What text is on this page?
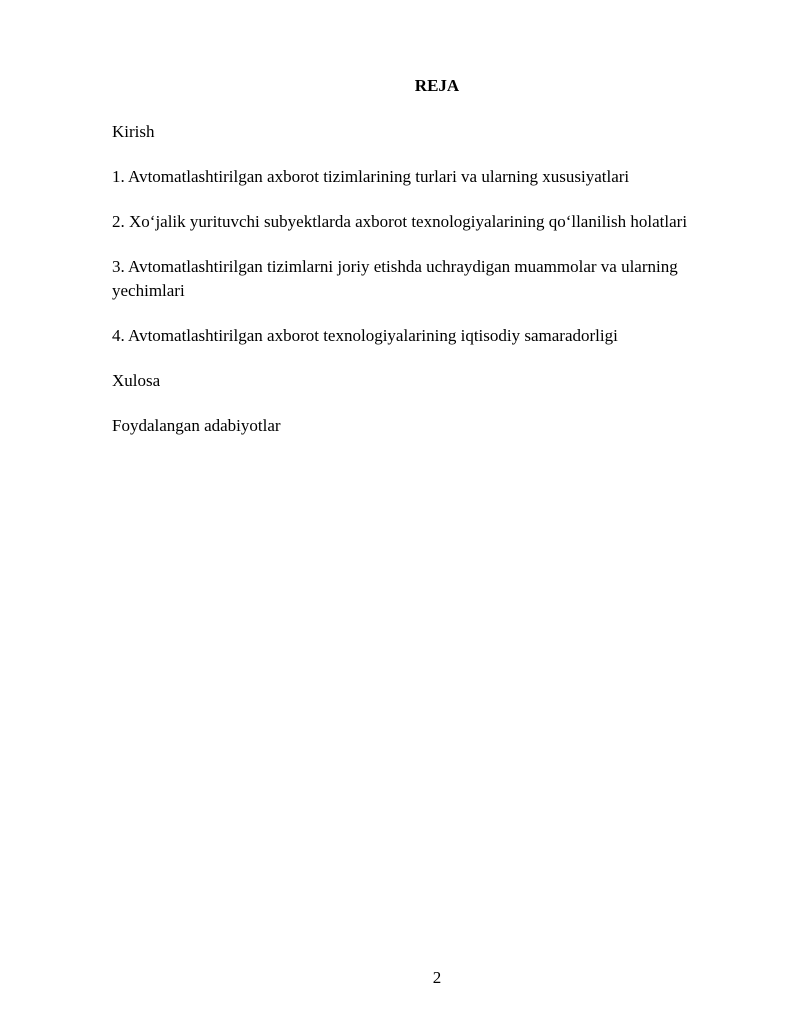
REJA
Kirish
1. Avtomatlashtirilgan axborot tizimlarining turlari va ularning xususiyatlari
2. Xo‘jalik yurituvchi subyektlarda axborot texnologiyalarining qo‘llanilish holatlari
3. Avtomatlashtirilgan tizimlarni joriy etishda uchraydigan muammolar va ularning yechimlari
4. Avtomatlashtirilgan axborot texnologiyalarining iqtisodiy samaradorligi
Xulosa
Foydalangan adabiyotlar
2
